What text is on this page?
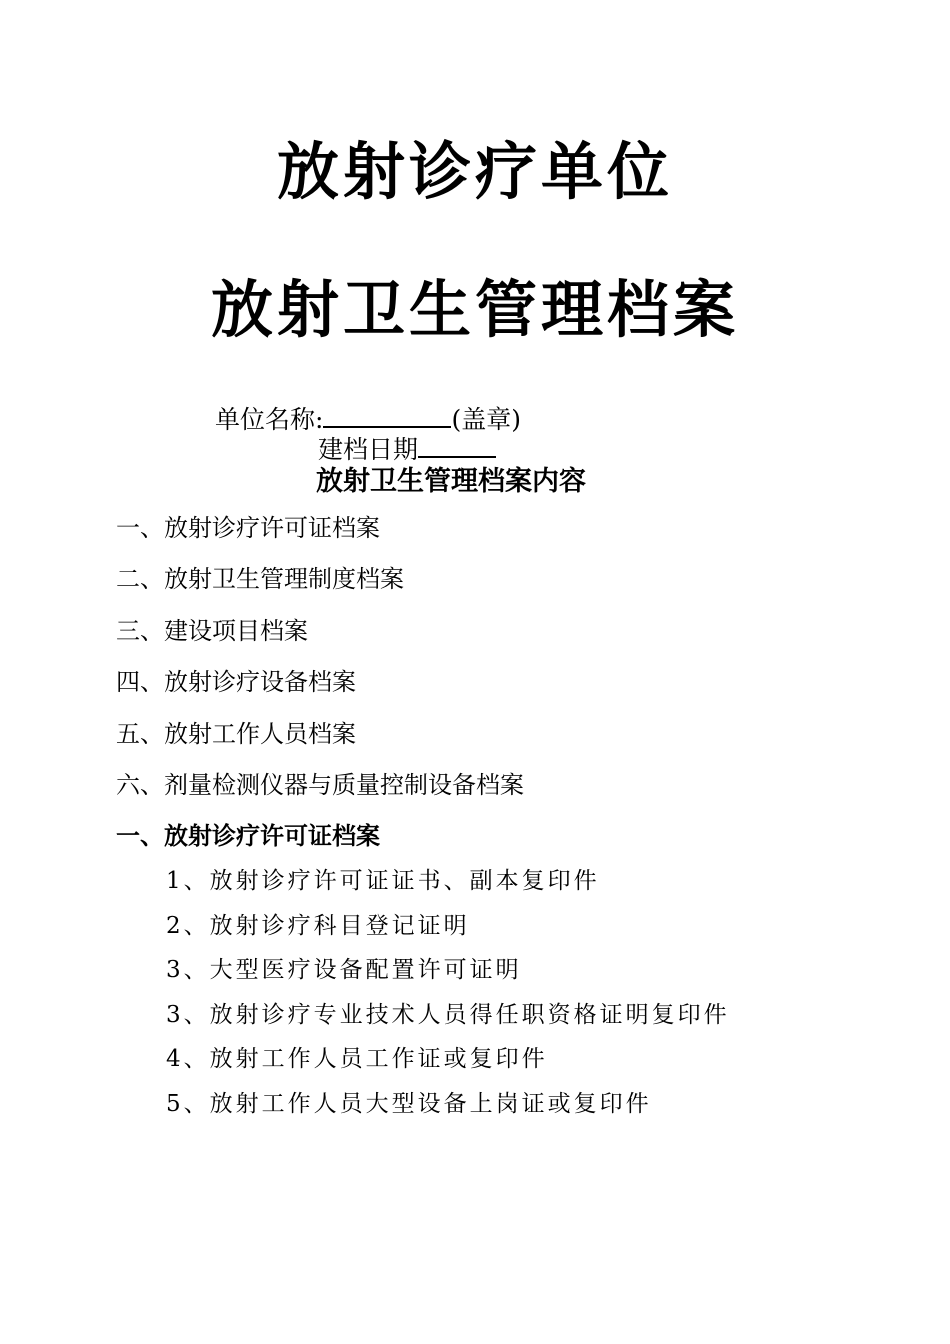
放射诊疗单位
放射卫生管理档案
单位名称:	(盖章)
建档日期
放射卫生管理档案内容
一、放射诊疗许可证档案
二、放射卫生管理制度档案
三、建设项目档案
四、放射诊疗设备档案
五、放射工作人员档案
六、剂量检测仪器与质量控制设备档案
一、放射诊疗许可证档案
1、放射诊疗许可证证书、副本复印件
2、放射诊疗科目登记证明
3、大型医疗设备配置许可证明
3、放射诊疗专业技术人员得任职资格证明复印件
4、放射工作人员工作证或复印件
5、放射工作人员大型设备上岗证或复印件
